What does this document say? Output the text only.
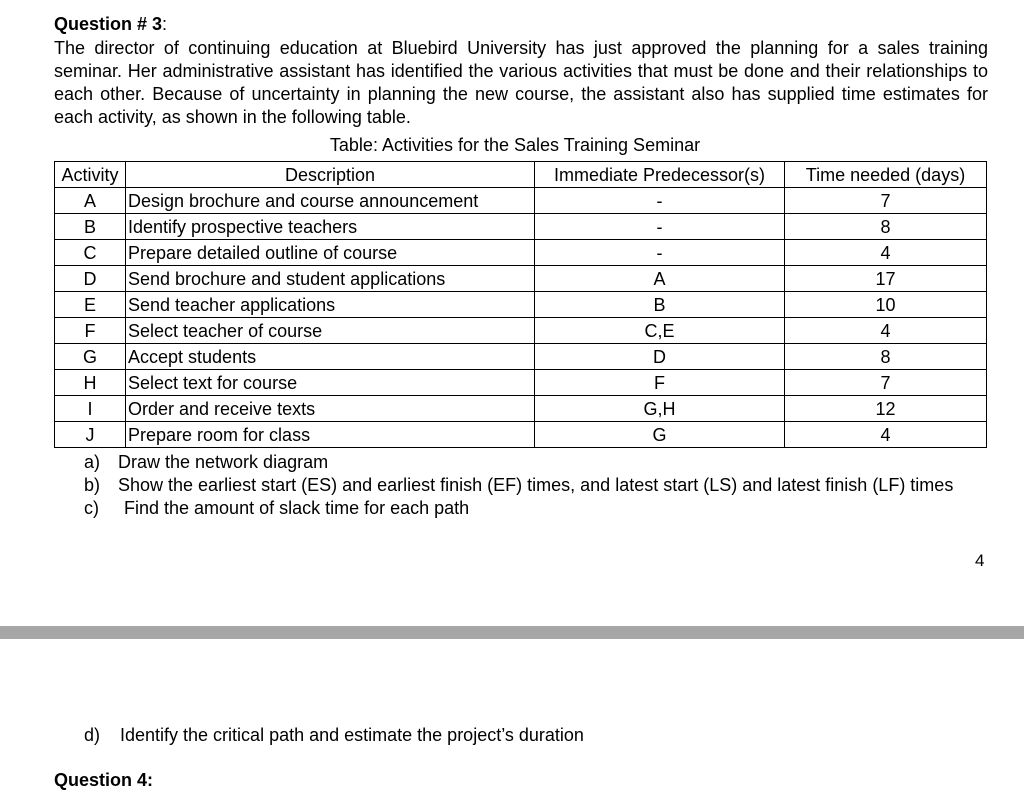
Question # 3:
The director of continuing education at Bluebird University has just approved the planning for a sales training seminar. Her administrative assistant has identified the various activities that must be done and their relationships to each other. Because of uncertainty in planning the new course, the assistant also has supplied time estimates for each activity, as shown in the following table.
Table: Activities for the Sales Training Seminar
Activity	Description	Immediate Predecessor(s)	Time needed (days)
A	Design brochure and course announcement	-	7
B	Identify prospective teachers	-	8
C	Prepare detailed outline of course	-	4
D	Send brochure and student applications	A	17
E	Send teacher applications	B	10
F	Select teacher of course	C,E	4
G	Accept students	D	8
H	Select text for course	F	7
I	Order and receive texts	G,H	12
J	Prepare room for class	G	4
a) Draw the network diagram
b) Show the earliest start (ES) and earliest finish (EF) times, and latest start (LS) and latest finish (LF) times
c)	Find the amount of slack time for each path
4
d)	Identify the critical path and estimate the project’s duration
Question 4:
